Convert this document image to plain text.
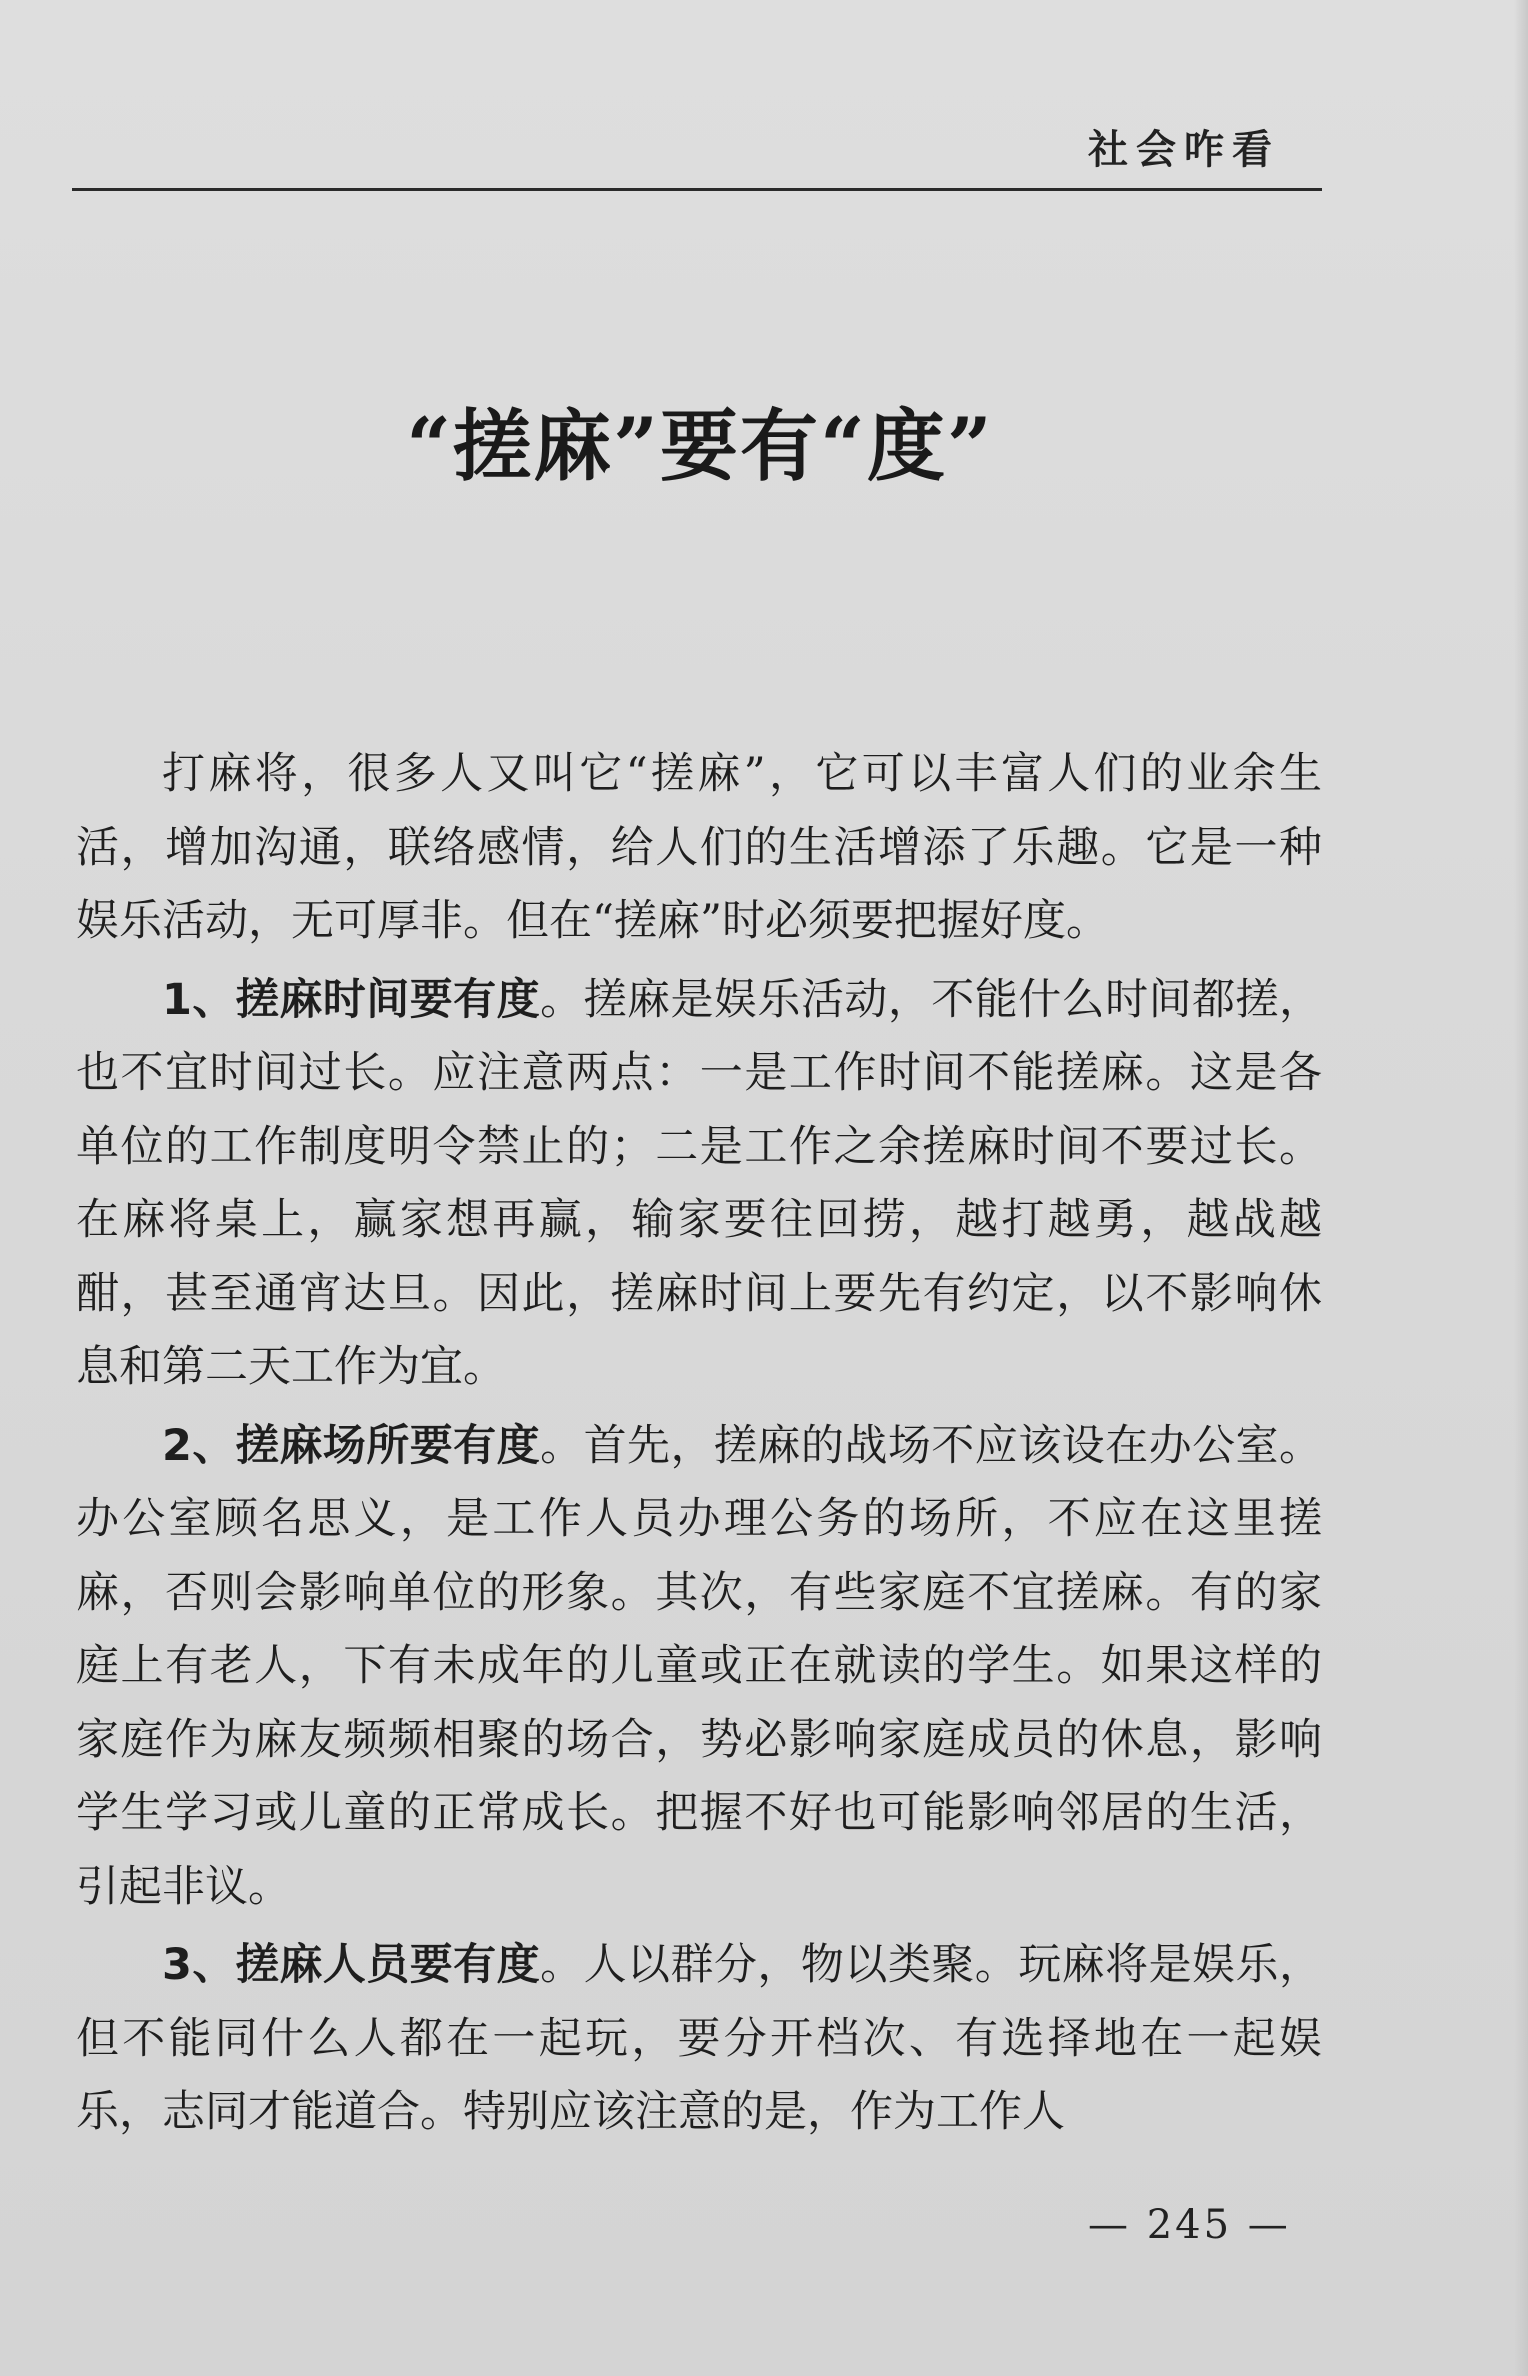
社会咋看
“搓麻”要有“度”

打麻将，很多人又叫它“搓麻”，它可以丰富人们的业余生活，增加沟通，联络感情，给人们的生活增添了乐趣。它是一种娱乐活动，无可厚非。但在“搓麻”时必须要把握好度。

1、搓麻时间要有度。搓麻是娱乐活动，不能什么时间都搓，也不宜时间过长。应注意两点：一是工作时间不能搓麻。这是各单位的工作制度明令禁止的；二是工作之余搓麻时间不要过长。在麻将桌上，赢家想再赢，输家要往回捞，越打越勇，越战越酣，甚至通宵达旦。因此，搓麻时间上要先有约定，以不影响休息和第二天工作为宜。

2、搓麻场所要有度。首先，搓麻的战场不应该设在办公室。办公室顾名思义，是工作人员办理公务的场所，不应在这里搓麻，否则会影响单位的形象。其次，有些家庭不宜搓麻。有的家庭上有老人，下有未成年的儿童或正在就读的学生。如果这样的家庭作为麻友频频相聚的场合，势必影响家庭成员的休息，影响学生学习或儿童的正常成长。把握不好也可能影响邻居的生活，引起非议。

3、搓麻人员要有度。人以群分，物以类聚。玩麻将是娱乐，但不能同什么人都在一起玩，要分开档次、有选择地在一起娱乐，志同才能道合。特别应该注意的是，作为工作人

— 245 —
